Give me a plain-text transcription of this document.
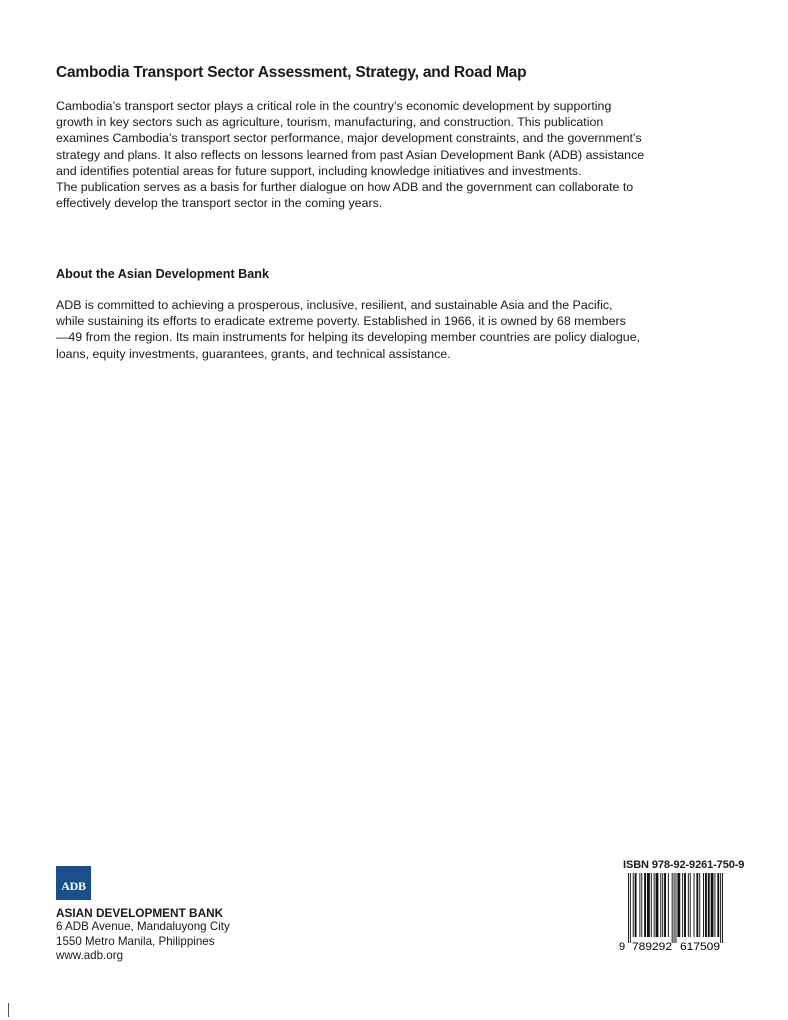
Cambodia Transport Sector Assessment, Strategy, and Road Map
Cambodia’s transport sector plays a critical role in the country’s economic development by supporting
growth in key sectors such as agriculture, tourism, manufacturing, and construction. This publication
examines Cambodia’s transport sector performance, major development constraints, and the government’s
strategy and plans. It also reflects on lessons learned from past Asian Development Bank (ADB) assistance
and identifies potential areas for future support, including knowledge initiatives and investments.
The publication serves as a basis for further dialogue on how ADB and the government can collaborate to
effectively develop the transport sector in the coming years.
About the Asian Development Bank
ADB is committed to achieving a prosperous, inclusive, resilient, and sustainable Asia and the Pacific,
while sustaining its efforts to eradicate extreme poverty. Established in 1966, it is owned by 68 members
—49 from the region. Its main instruments for helping its developing member countries are policy dialogue,
loans, equity investments, guarantees, grants, and technical assistance.
ADB
ASIAN DEVELOPMENT BANK
6 ADB Avenue, Mandaluyong City
1550 Metro Manila, Philippines
www.adb.org
ISBN 978-92-9261-750-9
9 789292 617509
